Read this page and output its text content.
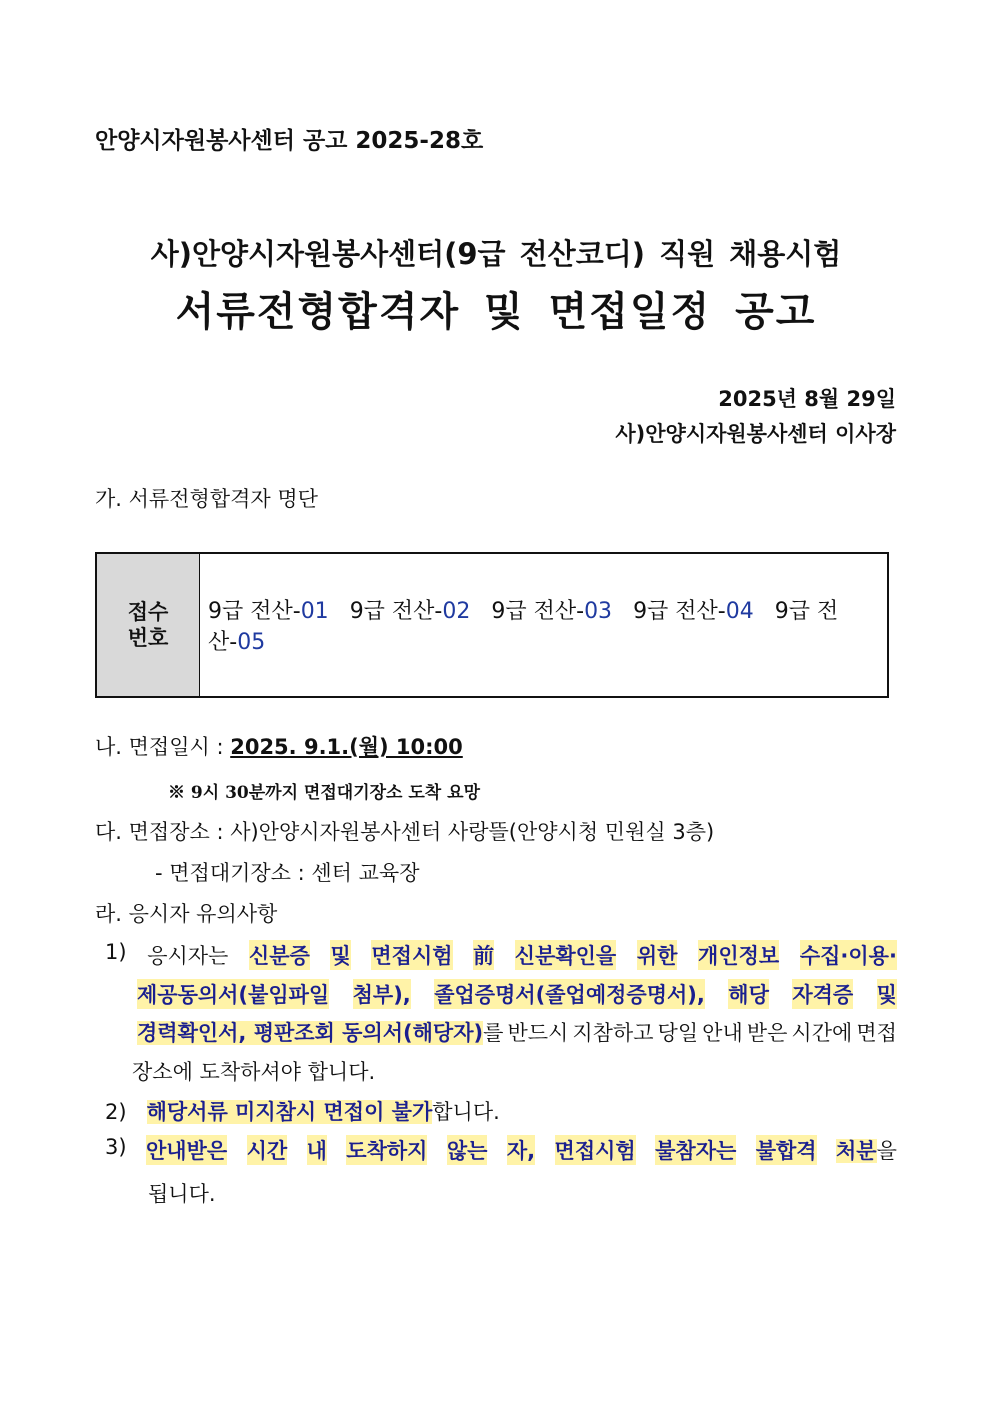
안양시자원봉사센터 공고 2025-28호
사)안양시자원봉사센터(9급 전산코디) 직원 채용시험
서류전형합격자 및 면접일정 공고
2025년 8월 29일
사)안양시자원봉사센터 이사장
가. 서류전형합격자 명단
접수
번호
	9급 전산-01 9급 전산-02 9급 전산-03 9급 전산-04 9급 전산-05
나. 면접일시 : 2025. 9.1.(월) 10:00
※ 9시 30분까지 면접대기장소 도착 요망
다. 면접장소 : 사)안양시자원봉사센터 사랑뜰(안양시청 민원실 3층)
- 면접대기장소 : 센터 교육장
라. 응시자 유의사항
1) 응시자는 신분증 및 면접시험 前 신분확인을 위한 개인정보 수집·이용·
제공동의서(붙임파일 첨부), 졸업증명서(졸업예정증명서), 해당 자격증 및
경력확인서, 평판조회 동의서(해당자)를 반드시 지참하고 당일 안내 받은 시간에 면접
장소에 도착하셔야 합니다.
2) 해당서류 미지참시 면접이 불가합니다.
3) 안내받은 시간 내 도착하지 않는 자, 면접시험 불참자는 불합격 처분을
됩니다.
